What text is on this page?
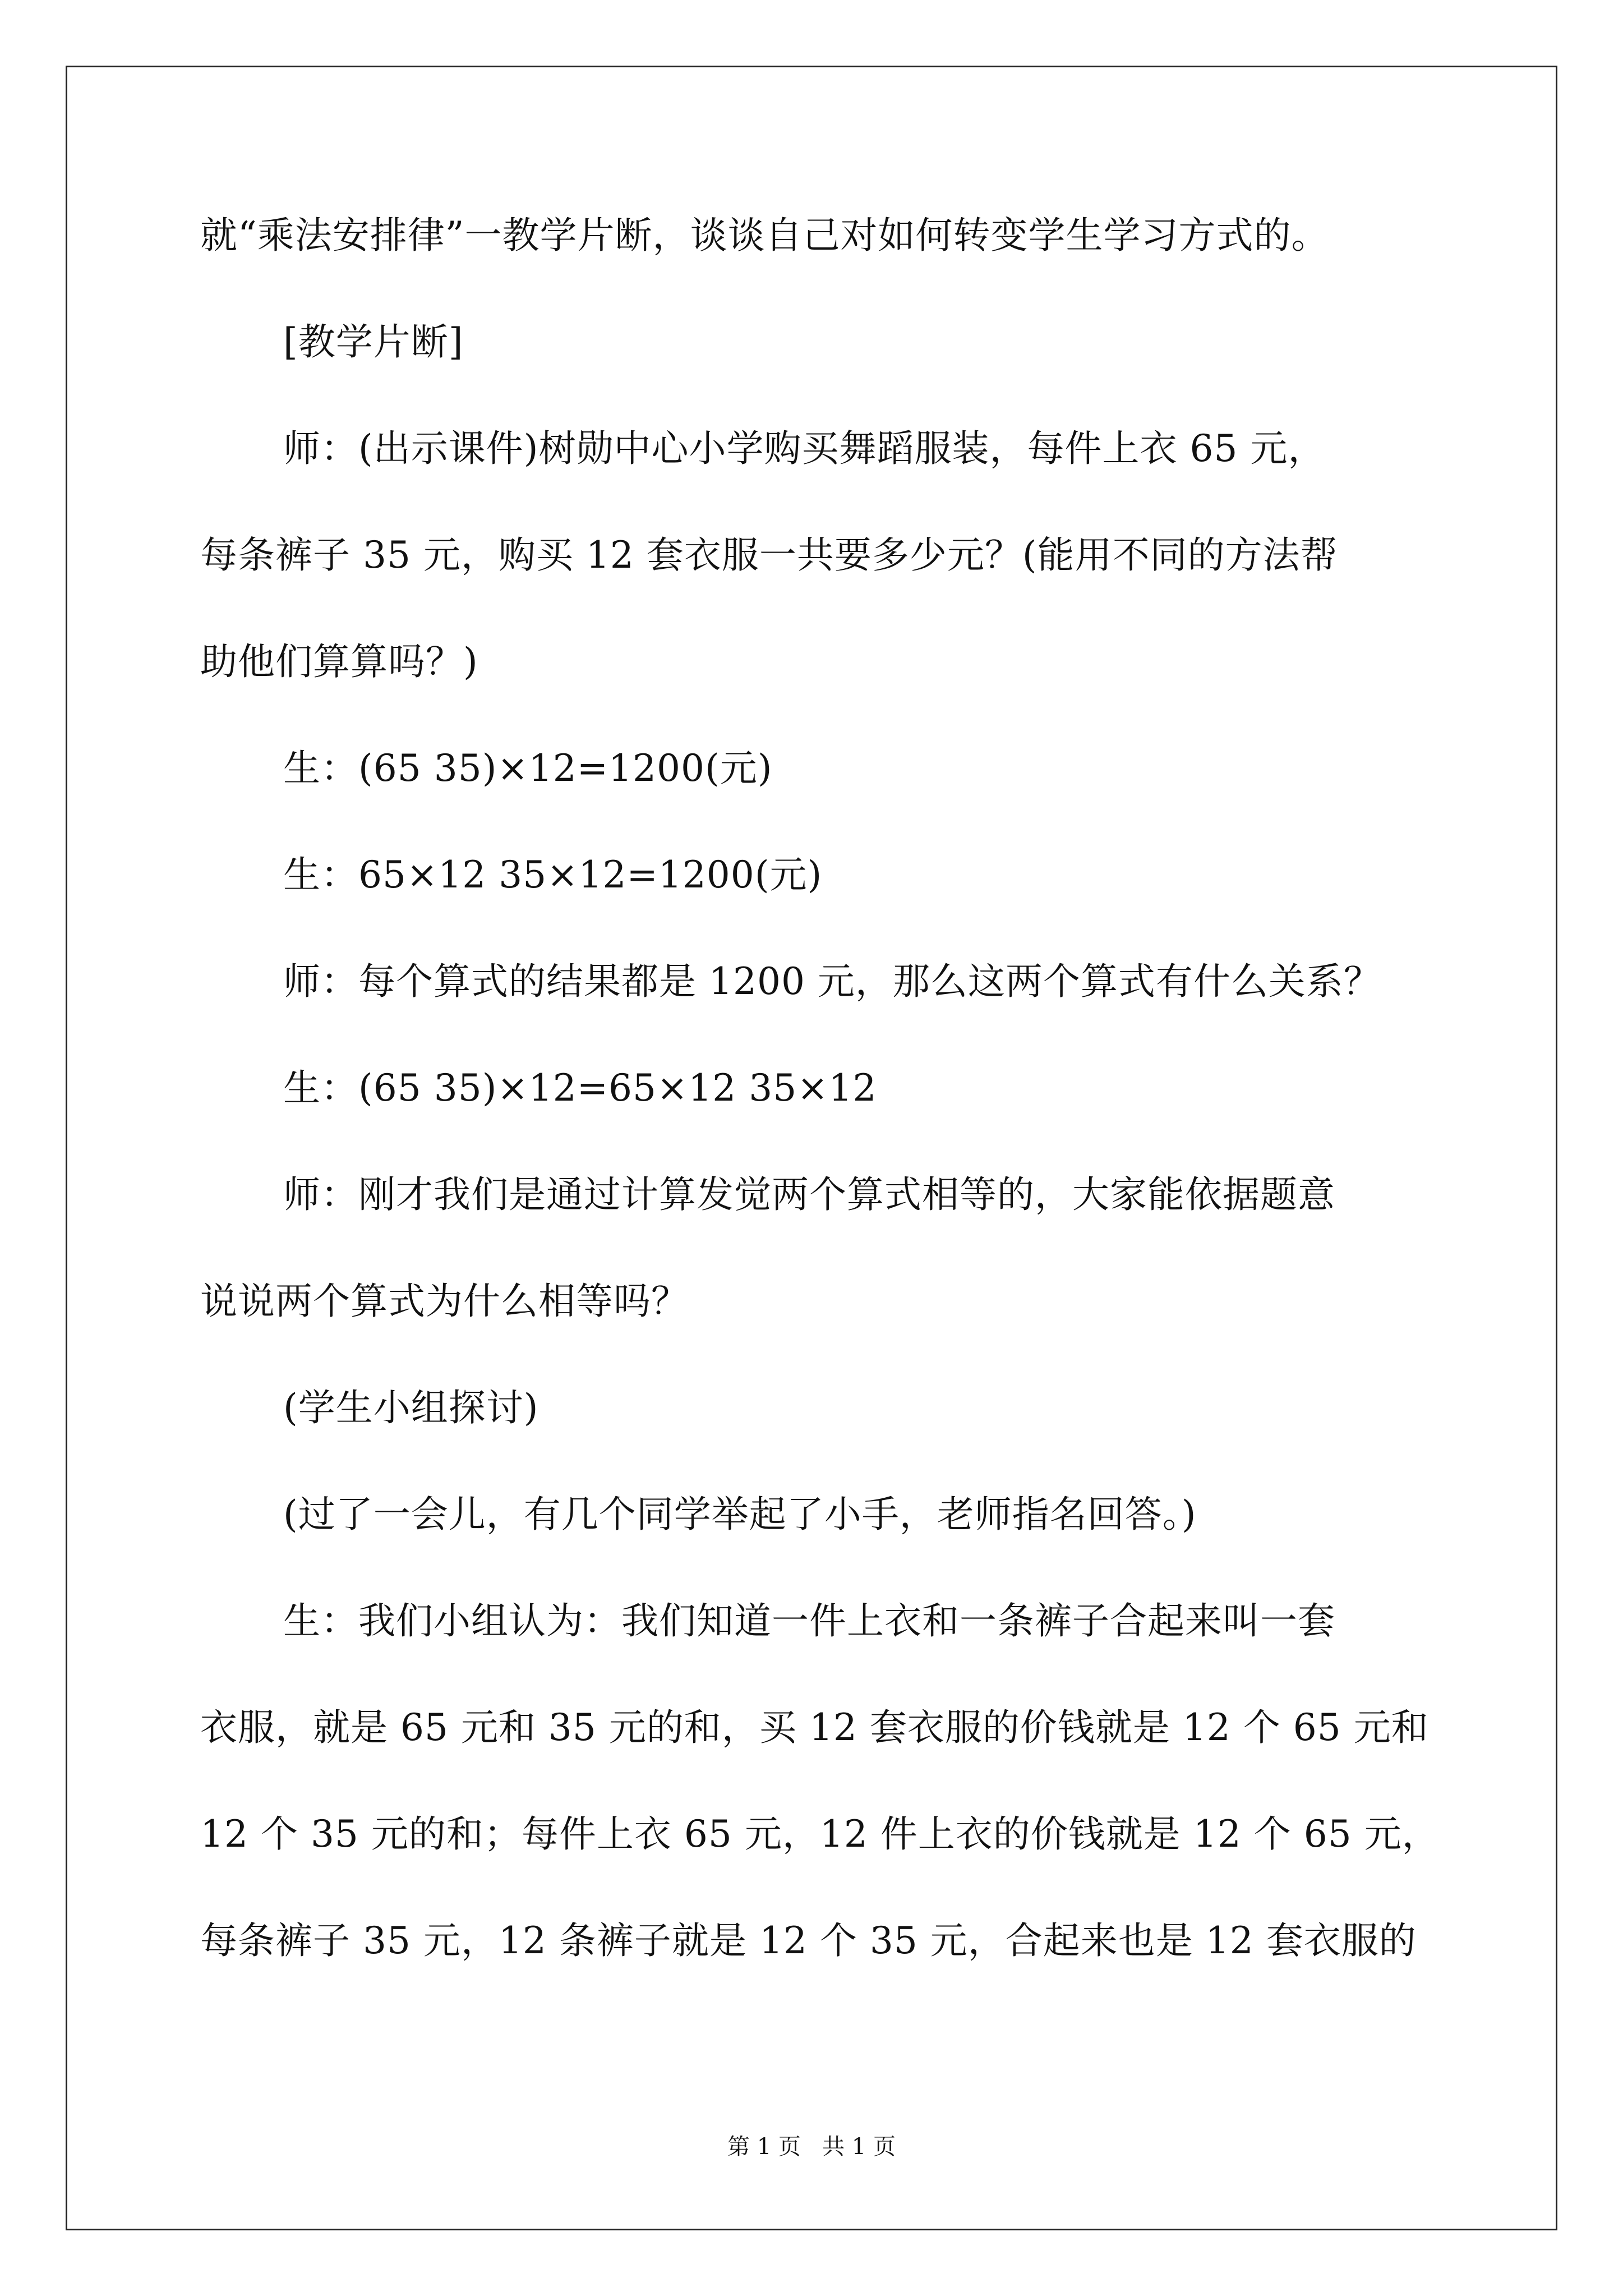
就“乘法安排律”一教学片断，谈谈自己对如何转变学生学习方式的。
[教学片断]
师：(出示课件)树勋中心小学购买舞蹈服装，每件上衣 65 元，
每条裤子 35 元，购买 12 套衣服一共要多少元？(能用不同的方法帮
助他们算算吗？)
生：(65 35)×12=1200(元)
生：65×12 35×12=1200(元)
师：每个算式的结果都是 1200 元，那么这两个算式有什么关系？
生：(65 35)×12=65×12 35×12
师：刚才我们是通过计算发觉两个算式相等的，大家能依据题意
说说两个算式为什么相等吗？
(学生小组探讨)
(过了一会儿，有几个同学举起了小手，老师指名回答。)
生：我们小组认为：我们知道一件上衣和一条裤子合起来叫一套
衣服，就是 65 元和 35 元的和，买 12 套衣服的价钱就是 12 个 65 元和
12 个 35 元的和；每件上衣 65 元，12 件上衣的价钱就是 12 个 65 元，
每条裤子 35 元，12 条裤子就是 12 个 35 元，合起来也是 12 套衣服的
第 1 页   共 1 页
